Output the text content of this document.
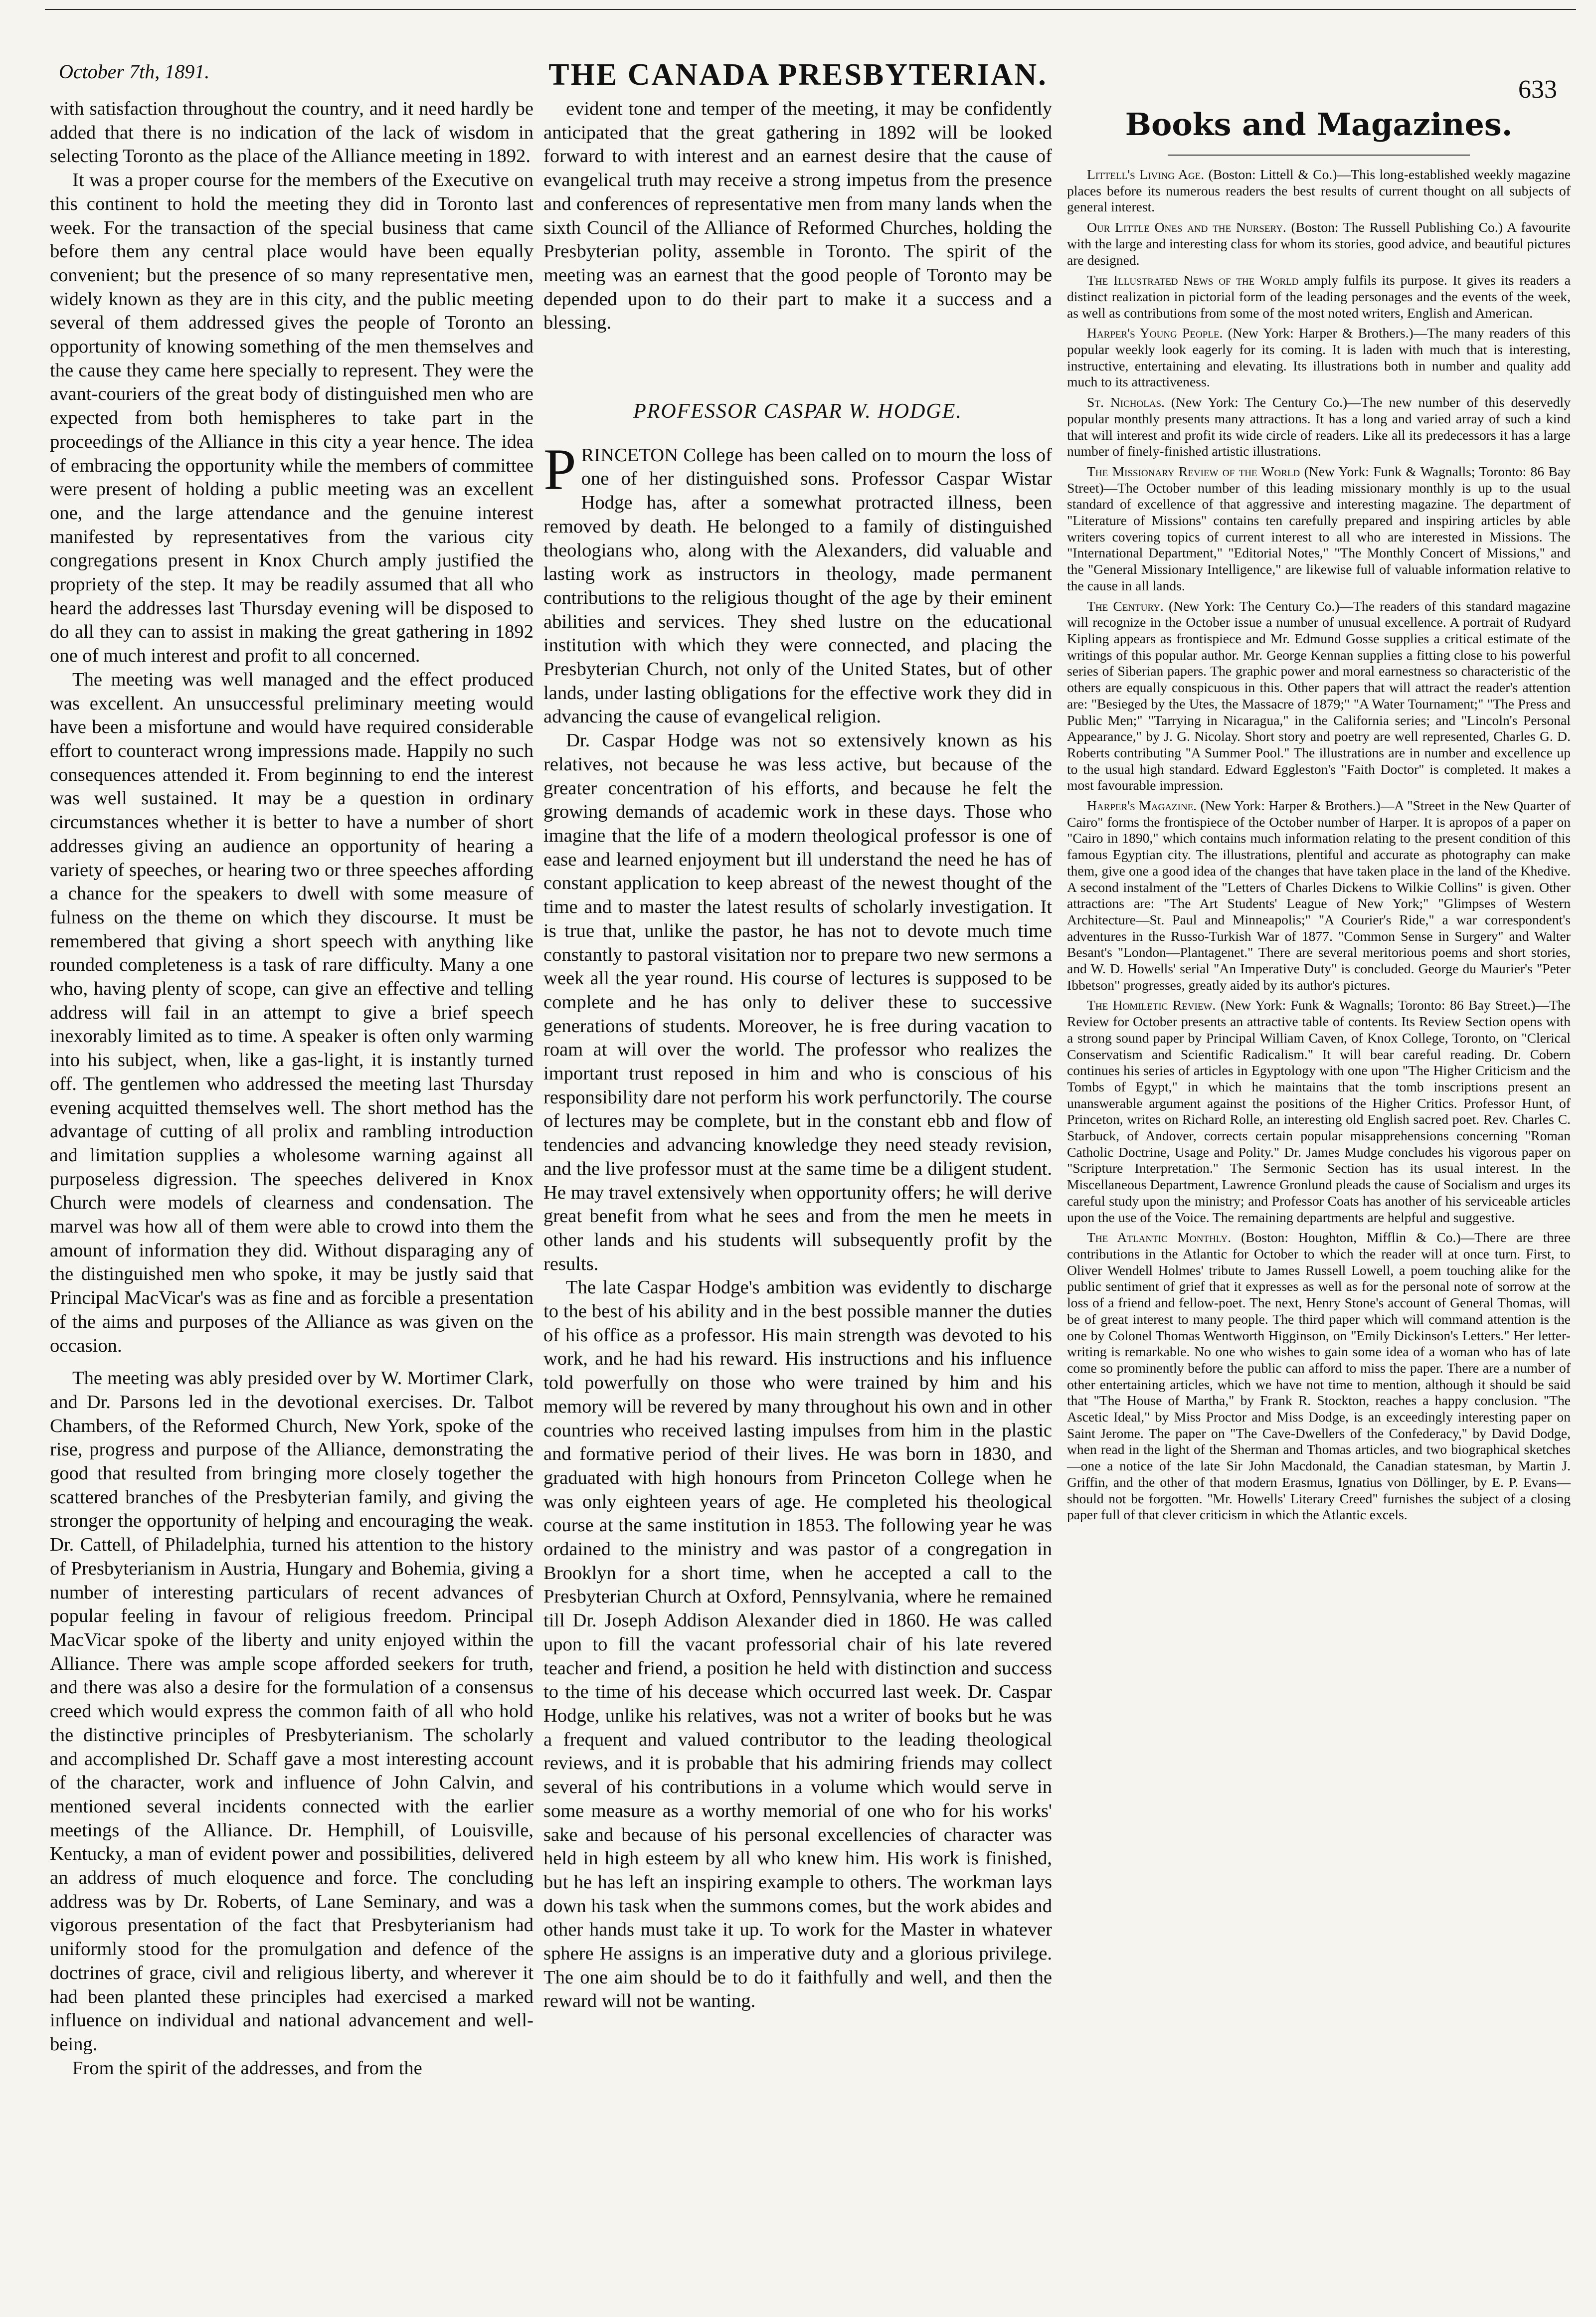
October 7th, 1891.	THE CANADA PRESBYTERIAN.	633

with satisfaction throughout the country, and it need hardly be added that there is no indication of the lack of wisdom in selecting Toronto as the place of the Alliance meeting in 1892.

It was a proper course for the members of the Executive on this continent to hold the meeting they did in Toronto last week. For the transaction of the special business that came before them any central place would have been equally convenient; but the presence of so many representative men, widely known as they are in this city, and the public meeting several of them addressed gives the people of Toronto an opportunity of knowing something of the men themselves and the cause they came here specially to represent. They were the avant-couriers of the great body of distinguished men who are expected from both hemispheres to take part in the proceedings of the Alliance in this city a year hence. The idea of embracing the opportunity while the members of committee were present of holding a public meeting was an excellent one, and the large attendance and the genuine interest manifested by representatives from the various city congregations present in Knox Church amply justified the propriety of the step. It may be readily assumed that all who heard the addresses last Thursday evening will be disposed to do all they can to assist in making the great gathering in 1892 one of much interest and profit to all concerned.

The meeting was well managed and the effect produced was excellent. An unsuccessful preliminary meeting would have been a misfortune and would have required considerable effort to counteract wrong impressions made. Happily no such consequences attended it. From beginning to end the interest was well sustained. It may be a question in ordinary circumstances whether it is better to have a number of short addresses giving an audience an opportunity of hearing a variety of speeches, or hearing two or three speeches affording a chance for the speakers to dwell with some measure of fulness on the theme on which they discourse. It must be remembered that giving a short speech with anything like rounded completeness is a task of rare difficulty. Many a one who, having plenty of scope, can give an effective and telling address will fail in an attempt to give a brief speech inexorably limited as to time. A speaker is often only warming into his subject, when, like a gas-light, it is instantly turned off. The gentlemen who addressed the meeting last Thursday evening acquitted themselves well. The short method has the advantage of cutting of all prolix and rambling introduction and limitation supplies a wholesome warning against all purposeless digression. The speeches delivered in Knox Church were models of clearness and condensation. The marvel was how all of them were able to crowd into them the amount of information they did. Without disparaging any of the distinguished men who spoke, it may be justly said that Principal MacVicar's was as fine and as forcible a presentation of the aims and purposes of the Alliance as was given on the occasion.

The meeting was ably presided over by W. Mortimer Clark, and Dr. Parsons led in the devotional exercises. Dr. Talbot Chambers, of the Reformed Church, New York, spoke of the rise, progress and purpose of the Alliance, demonstrating the good that resulted from bringing more closely together the scattered branches of the Presbyterian family, and giving the stronger the opportunity of helping and encouraging the weak. Dr. Cattell, of Philadelphia, turned his attention to the history of Presbyterianism in Austria, Hungary and Bohemia, giving a number of interesting particulars of recent advances of popular feeling in favour of religious freedom. Principal MacVicar spoke of the liberty and unity enjoyed within the Alliance. There was ample scope afforded seekers for truth, and there was also a desire for the formulation of a consensus creed which would express the common faith of all who hold the distinctive principles of Presbyterianism. The scholarly and accomplished Dr. Schaff gave a most interesting account of the character, work and influence of John Calvin, and mentioned several incidents connected with the earlier meetings of the Alliance. Dr. Hemphill, of Louisville, Kentucky, a man of evident power and possibilities, delivered an address of much eloquence and force. The concluding address was by Dr. Roberts, of Lane Seminary, and was a vigorous presentation of the fact that Presbyterianism had uniformly stood for the promulgation and defence of the doctrines of grace, civil and religious liberty, and wherever it had been planted these principles had exercised a marked influence on individual and national advancement and well-being.

From the spirit of the addresses, and from the

evident tone and temper of the meeting, it may be confidently anticipated that the great gathering in 1892 will be looked forward to with interest and an earnest desire that the cause of evangelical truth may receive a strong impetus from the presence and conferences of representative men from many lands when the sixth Council of the Alliance of Reformed Churches, holding the Presbyterian polity, assemble in Toronto. The spirit of the meeting was an earnest that the good people of Toronto may be depended upon to do their part to make it a success and a blessing.

PROFESSOR CASPAR W. HODGE.

PRINCETON College has been called on to mourn the loss of one of her distinguished sons. Professor Caspar Wistar Hodge has, after a somewhat protracted illness, been removed by death. He belonged to a family of distinguished theologians who, along with the Alexanders, did valuable and lasting work as instructors in theology, made permanent contributions to the religious thought of the age by their eminent abilities and services. They shed lustre on the educational institution with which they were connected, and placing the Presbyterian Church, not only of the United States, but of other lands, under lasting obligations for the effective work they did in advancing the cause of evangelical religion.

Dr. Caspar Hodge was not so extensively known as his relatives, not because he was less active, but because of the greater concentration of his efforts, and because he felt the growing demands of academic work in these days. Those who imagine that the life of a modern theological professor is one of ease and learned enjoyment but ill understand the need he has of constant application to keep abreast of the newest thought of the time and to master the latest results of scholarly investigation. It is true that, unlike the pastor, he has not to devote much time constantly to pastoral visitation nor to prepare two new sermons a week all the year round. His course of lectures is supposed to be complete and he has only to deliver these to successive generations of students. Moreover, he is free during vacation to roam at will over the world. The professor who realizes the important trust reposed in him and who is conscious of his responsibility dare not perform his work perfunctorily. The course of lectures may be complete, but in the constant ebb and flow of tendencies and advancing knowledge they need steady revision, and the live professor must at the same time be a diligent student. He may travel extensively when opportunity offers; he will derive great benefit from what he sees and from the men he meets in other lands and his students will subsequently profit by the results.

The late Caspar Hodge's ambition was evidently to discharge to the best of his ability and in the best possible manner the duties of his office as a professor. His main strength was devoted to his work, and he had his reward. His instructions and his influence told powerfully on those who were trained by him and his memory will be revered by many throughout his own and in other countries who received lasting impulses from him in the plastic and formative period of their lives. He was born in 1830, and graduated with high honours from Princeton College when he was only eighteen years of age. He completed his theological course at the same institution in 1853. The following year he was ordained to the ministry and was pastor of a congregation in Brooklyn for a short time, when he accepted a call to the Presbyterian Church at Oxford, Pennsylvania, where he remained till Dr. Joseph Addison Alexander died in 1860. He was called upon to fill the vacant professorial chair of his late revered teacher and friend, a position he held with distinction and success to the time of his decease which occurred last week. Dr. Caspar Hodge, unlike his relatives, was not a writer of books but he was a frequent and valued contributor to the leading theological reviews, and it is probable that his admiring friends may collect several of his contributions in a volume which would serve in some measure as a worthy memorial of one who for his works' sake and because of his personal excellencies of character was held in high esteem by all who knew him. His work is finished, but he has left an inspiring example to others. The workman lays down his task when the summons comes, but the work abides and other hands must take it up. To work for the Master in whatever sphere He assigns is an imperative duty and a glorious privilege. The one aim should be to do it faithfully and well, and then the reward will not be wanting.

Books and Magazines.

Littell's Living Age. (Boston: Littell & Co.)—This long-established weekly magazine places before its numerous readers the best results of current thought on all subjects of general interest.

Our Little Ones and the Nursery. (Boston: The Russell Publishing Co.) A favourite with the large and interesting class for whom its stories, good advice, and beautiful pictures are designed.

The Illustrated News of the World amply fulfils its purpose. It gives its readers a distinct realization in pictorial form of the leading personages and the events of the week, as well as contributions from some of the most noted writers, English and American.

Harper's Young People. (New York: Harper & Brothers.)—The many readers of this popular weekly look eagerly for its coming. It is laden with much that is interesting, instructive, entertaining and elevating. Its illustrations both in number and quality add much to its attractiveness.

St. Nicholas. (New York: The Century Co.)—The new number of this deservedly popular monthly presents many attractions. It has a long and varied array of such a kind that will interest and profit its wide circle of readers. Like all its predecessors it has a large number of finely-finished artistic illustrations.

The Missionary Review of the World (New York: Funk & Wagnalls; Toronto: 86 Bay Street)—The October number of this leading missionary monthly is up to the usual standard of excellence of that aggressive and interesting magazine. The department of "Literature of Missions" contains ten carefully prepared and inspiring articles by able writers covering topics of current interest to all who are interested in Missions. The "International Department," "Editorial Notes," "The Monthly Concert of Missions," and the "General Missionary Intelligence," are likewise full of valuable information relative to the cause in all lands.

The Century. (New York: The Century Co.)—The readers of this standard magazine will recognize in the October issue a number of unusual excellence. A portrait of Rudyard Kipling appears as frontispiece and Mr. Edmund Gosse supplies a critical estimate of the writings of this popular author. Mr. George Kennan supplies a fitting close to his powerful series of Siberian papers. The graphic power and moral earnestness so characteristic of the others are equally conspicuous in this. Other papers that will attract the reader's attention are: "Besieged by the Utes, the Massacre of 1879;" "A Water Tournament;" "The Press and Public Men;" "Tarrying in Nicaragua," in the California series; and "Lincoln's Personal Appearance," by J. G. Nicolay. Short story and poetry are well represented, Charles G. D. Roberts contributing "A Summer Pool." The illustrations are in number and excellence up to the usual high standard. Edward Eggleston's "Faith Doctor" is completed. It makes a most favourable impression.

Harper's Magazine. (New York: Harper & Brothers.)—A "Street in the New Quarter of Cairo" forms the frontispiece of the October number of Harper. It is apropos of a paper on "Cairo in 1890," which contains much information relating to the present condition of this famous Egyptian city. The illustrations, plentiful and accurate as photography can make them, give one a good idea of the changes that have taken place in the land of the Khedive. A second instalment of the "Letters of Charles Dickens to Wilkie Collins" is given. Other attractions are: "The Art Students' League of New York;" "Glimpses of Western Architecture—St. Paul and Minneapolis;" "A Courier's Ride," a war correspondent's adventures in the Russo-Turkish War of 1877. "Common Sense in Surgery" and Walter Besant's "London—Plantagenet." There are several meritorious poems and short stories, and W. D. Howells' serial "An Imperative Duty" is concluded. George du Maurier's "Peter Ibbetson" progresses, greatly aided by its author's pictures.

The Homiletic Review. (New York: Funk & Wagnalls; Toronto: 86 Bay Street.)—The Review for October presents an attractive table of contents. Its Review Section opens with a strong sound paper by Principal William Caven, of Knox College, Toronto, on "Clerical Conservatism and Scientific Radicalism." It will bear careful reading. Dr. Cobern continues his series of articles in Egyptology with one upon "The Higher Criticism and the Tombs of Egypt," in which he maintains that the tomb inscriptions present an unanswerable argument against the positions of the Higher Critics. Professor Hunt, of Princeton, writes on Richard Rolle, an interesting old English sacred poet. Rev. Charles C. Starbuck, of Andover, corrects certain popular misapprehensions concerning "Roman Catholic Doctrine, Usage and Polity." Dr. James Mudge concludes his vigorous paper on "Scripture Interpretation." The Sermonic Section has its usual interest. In the Miscellaneous Department, Lawrence Gronlund pleads the cause of Socialism and urges its careful study upon the ministry; and Professor Coats has another of his serviceable articles upon the use of the Voice. The remaining departments are helpful and suggestive.

The Atlantic Monthly. (Boston: Houghton, Mifflin & Co.)—There are three contributions in the Atlantic for October to which the reader will at once turn. First, to Oliver Wendell Holmes' tribute to James Russell Lowell, a poem touching alike for the public sentiment of grief that it expresses as well as for the personal note of sorrow at the loss of a friend and fellow-poet. The next, Henry Stone's account of General Thomas, will be of great interest to many people. The third paper which will command attention is the one by Colonel Thomas Wentworth Higginson, on "Emily Dickinson's Letters." Her letter-writing is remarkable. No one who wishes to gain some idea of a woman who has of late come so prominently before the public can afford to miss the paper. There are a number of other entertaining articles, which we have not time to mention, although it should be said that "The House of Martha," by Frank R. Stockton, reaches a happy conclusion. "The Ascetic Ideal," by Miss Proctor and Miss Dodge, is an exceedingly interesting paper on Saint Jerome. The paper on "The Cave-Dwellers of the Confederacy," by David Dodge, when read in the light of the Sherman and Thomas articles, and two biographical sketches—one a notice of the late Sir John Macdonald, the Canadian statesman, by Martin J. Griffin, and the other of that modern Erasmus, Ignatius von Döllinger, by E. P. Evans—should not be forgotten. "Mr. Howells' Literary Creed" furnishes the subject of a closing paper full of that clever criticism in which the Atlantic excels.
